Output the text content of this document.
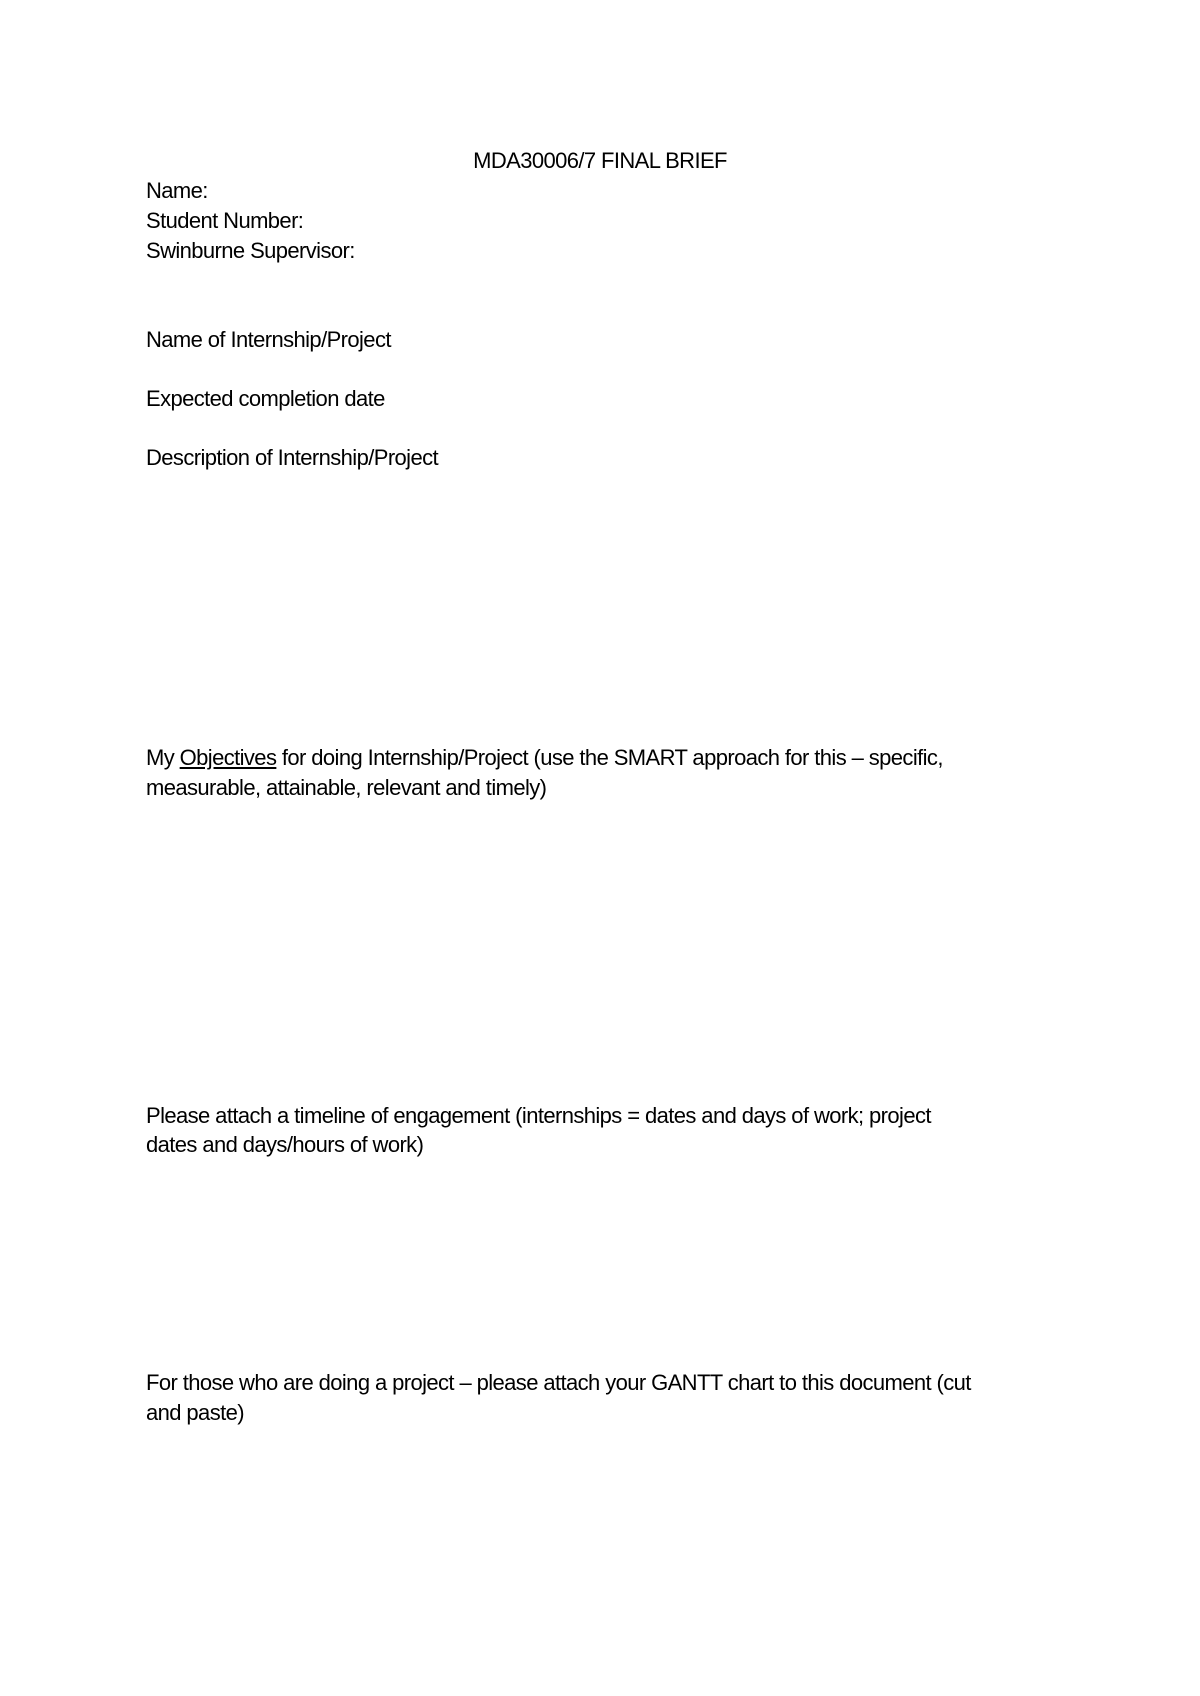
MDA30006/7 FINAL BRIEF
Name:
Student Number:
Swinburne Supervisor:
Name of Internship/Project
Expected completion date
Description of Internship/Project
My Objectives for doing Internship/Project (use the SMART approach for this – specific,
measurable, attainable, relevant and timely)
Please attach a timeline of engagement (internships = dates and days of work; project
dates and days/hours of work)
For those who are doing a project – please attach your GANTT chart to this document (cut
and paste)
